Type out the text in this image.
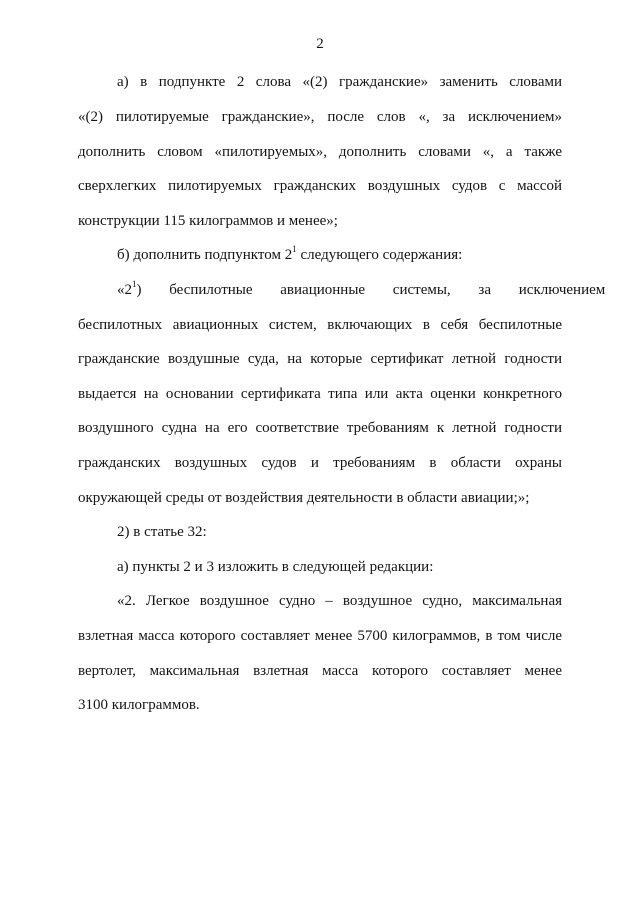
2
а) в подпункте 2 слова «(2) гражданские» заменить словами
«(2) пилотируемые гражданские», после слов «, за исключением»
дополнить словом «пилотируемых», дополнить словами «, а также
сверхлегких пилотируемых гражданских воздушных судов с массой
конструкции 115 килограммов и менее»;
б) дополнить подпунктом $2^1$ следующего содержания:
«$2^1$) беспилотные авиационные системы, за исключением
беспилотных авиационных систем, включающих в себя беспилотные
гражданские воздушные суда, на которые сертификат летной годности
выдается на основании сертификата типа или акта оценки конкретного
воздушного судна на его соответствие требованиям к летной годности
гражданских воздушных судов и требованиям в области охраны
окружающей среды от воздействия деятельности в области авиации;»;
2) в статье 32:
а) пункты 2 и 3 изложить в следующей редакции:
«2. Легкое воздушное судно – воздушное судно, максимальная
взлетная масса которого составляет менее 5700 килограммов, в том числе
вертолет, максимальная взлетная масса которого составляет менее
3100 килограммов.
